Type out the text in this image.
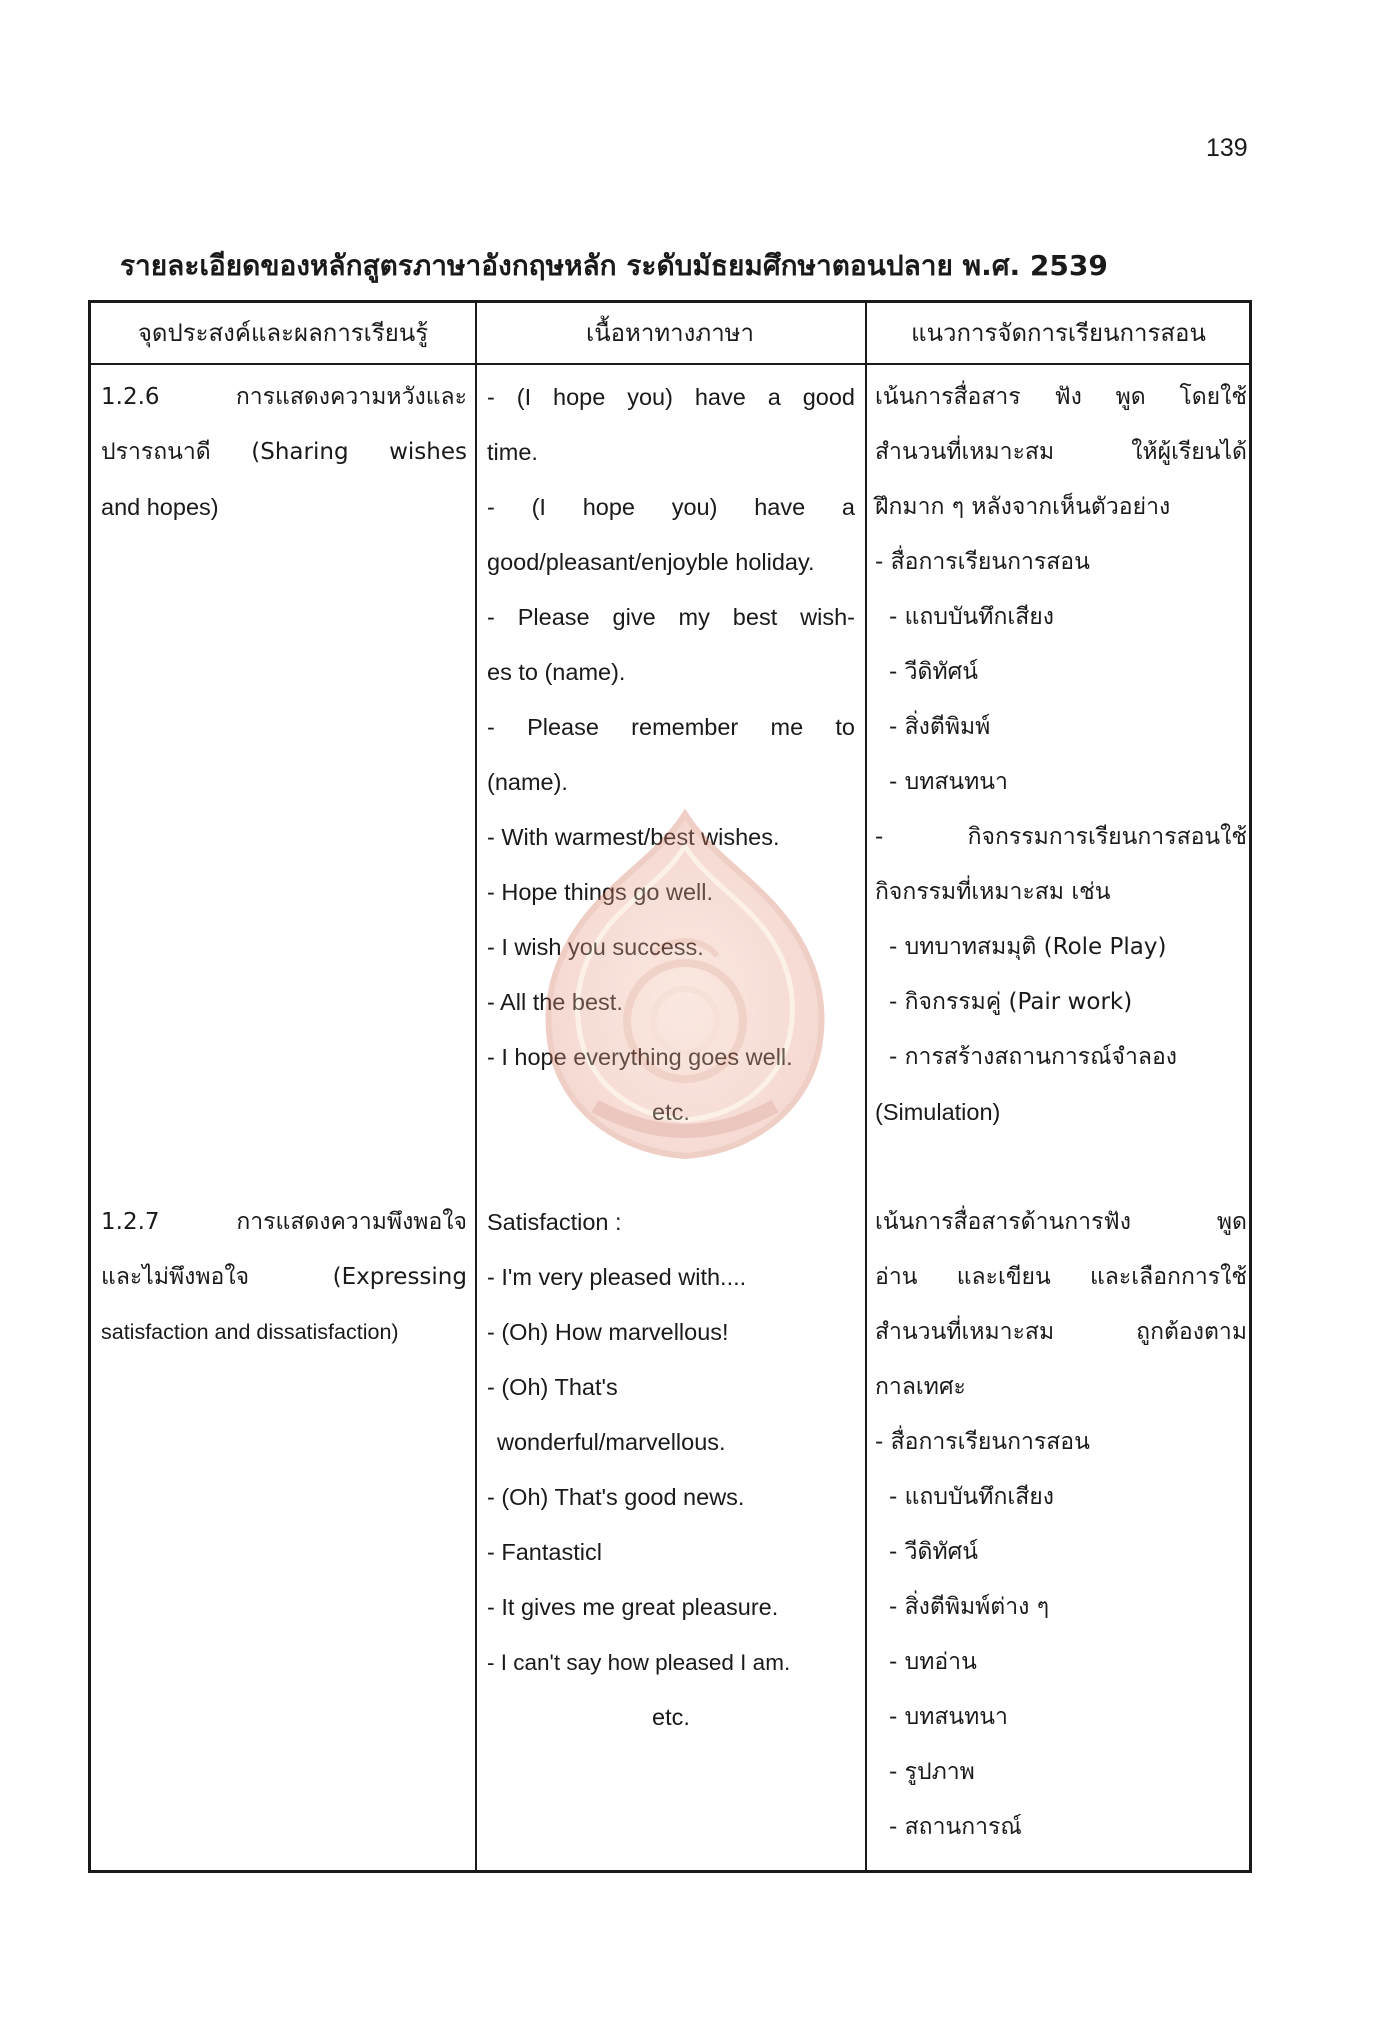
139
รายละเอียดของหลักสูตรภาษาอังกฤษหลัก ระดับมัธยมศึกษาตอนปลาย พ.ศ. 2539
จุดประสงค์และผลการเรียนรู้	เนื้อหาทางภาษา	แนวการจัดการเรียนการสอน
1.2.6 การแสดงความหวังและ
ปรารถนาดี (Sharing wishes
and hopes)
- (I hope you) have a good
time.
- (I hope you) have a
good/pleasant/enjoyble holiday.
- Please give my best wish-
es to (name).
- Please remember me to
(name).
- With warmest/best wishes.
- Hope things go well.
- I wish you success.
- All the best.
- I hope everything goes well.
etc.
เน้นการสื่อสาร ฟัง พูด โดยใช้
สำนวนที่เหมาะสม ให้ผู้เรียนได้
ฝึกมาก ๆ หลังจากเห็นตัวอย่าง
- สื่อการเรียนการสอน
- แถบบันทึกเสียง
- วีดิทัศน์
- สิ่งตีพิมพ์
- บทสนทนา
- กิจกรรมการเรียนการสอนใช้
กิจกรรมที่เหมาะสม เช่น
- บทบาทสมมุติ (Role Play)
- กิจกรรมคู่ (Pair work)
- การสร้างสถานการณ์จำลอง
(Simulation)
1.2.7 การแสดงความพึงพอใจ
และไม่พึงพอใจ (Expressing
satisfaction and dissatisfaction)
Satisfaction :
- I'm very pleased with....
- (Oh) How marvellous!
- (Oh) That's
wonderful/marvellous.
- (Oh) That's good news.
- Fantasticl
- It gives me great pleasure.
- I can't say how pleased I am.
etc.
เน้นการสื่อสารด้านการฟัง พูด
อ่าน และเขียน และเลือกการใช้
สำนวนที่เหมาะสม ถูกต้องตาม
กาลเทศะ
- สื่อการเรียนการสอน
- แถบบันทึกเสียง
- วีดิทัศน์
- สิ่งตีพิมพ์ต่าง ๆ
- บทอ่าน
- บทสนทนา
- รูปภาพ
- สถานการณ์
